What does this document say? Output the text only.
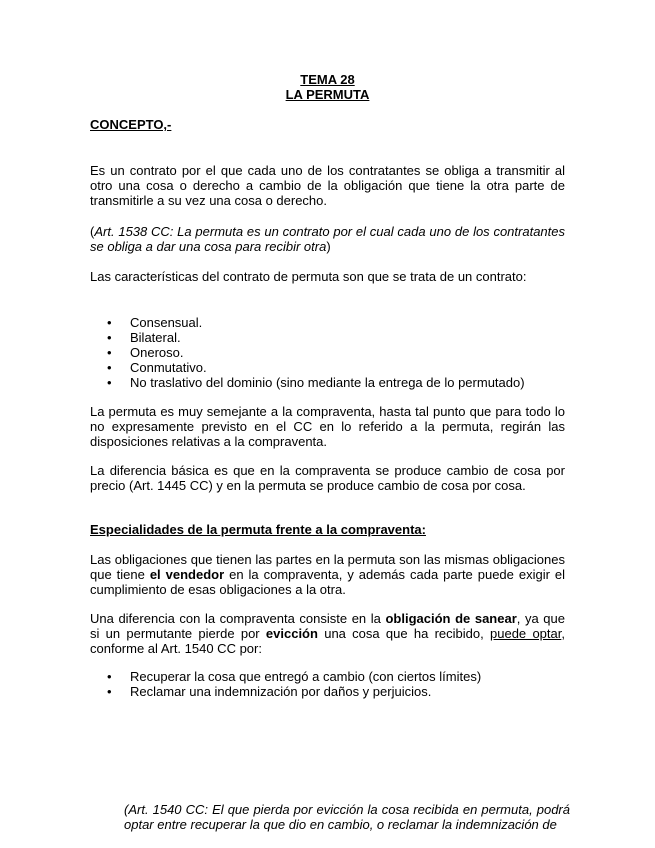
TEMA 28
LA PERMUTA
CONCEPTO,-
Es un contrato por el que cada uno de los contratantes se obliga a transmitir al otro una cosa o derecho a cambio de la obligación que tiene la otra parte de transmitirle a su vez una cosa o derecho.
(Art. 1538 CC: La permuta es un contrato por el cual cada uno de los contratantes se obliga a dar una cosa para recibir otra)
Las características del contrato de permuta son que se trata de un contrato:
• Consensual.
• Bilateral.
• Oneroso.
• Conmutativo.
• No traslativo del dominio (sino mediante la entrega de lo permutado)
La permuta es muy semejante a la compraventa, hasta tal punto que para todo lo no expresamente previsto en el CC en lo referido a la permuta, regirán las disposiciones relativas a la compraventa.
La diferencia básica es que en la compraventa se produce cambio de cosa por precio (Art. 1445 CC) y en la permuta se produce cambio de cosa por cosa.
Especialidades de la permuta frente a la compraventa:
Las obligaciones que tienen las partes en la permuta son las mismas obligaciones que tiene el vendedor en la compraventa, y además cada parte puede exigir el cumplimiento de esas obligaciones a la otra.
Una diferencia con la compraventa consiste en la obligación de sanear, ya que si un permutante pierde por evicción una cosa que ha recibido, puede optar, conforme al Art. 1540 CC por:
• Recuperar la cosa que entregó a cambio (con ciertos límites)
• Reclamar una indemnización por daños y perjuicios.
(Art. 1540 CC: El que pierda por evicción la cosa recibida en permuta, podrá optar entre recuperar la que dio en cambio, o reclamar la indemnización de
